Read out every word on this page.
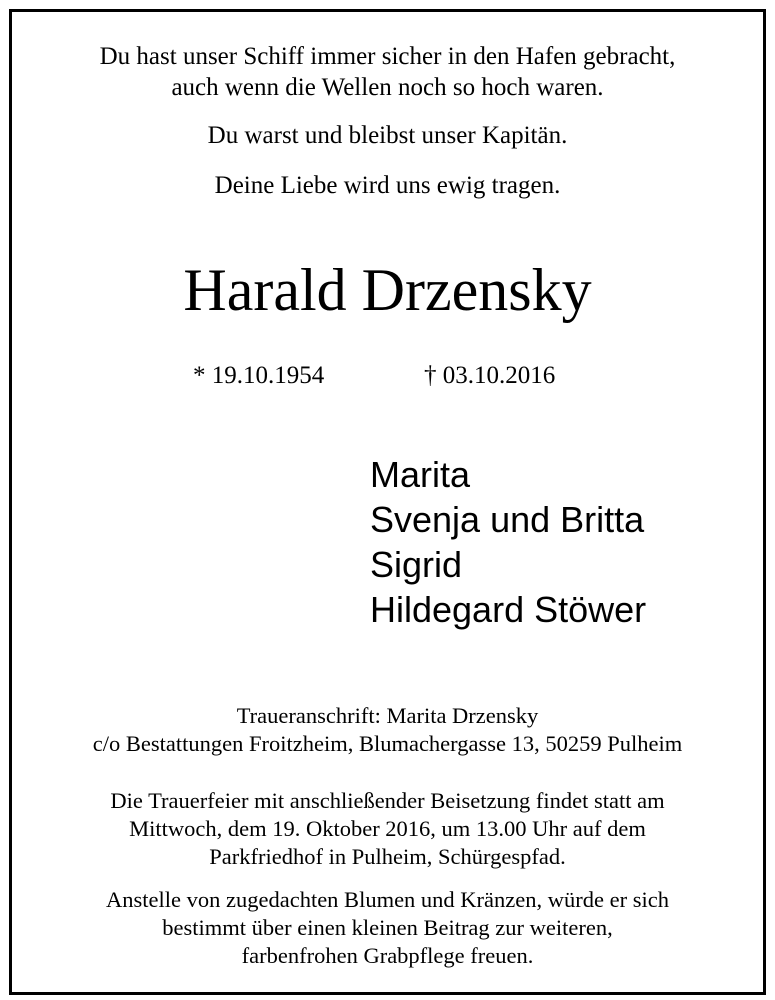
Du hast unser Schiff immer sicher in den Hafen gebracht,
auch wenn die Wellen noch so hoch waren.
Du warst und bleibst unser Kapitän.
Deine Liebe wird uns ewig tragen.
Harald Drzensky
* 19.10.1954	† 03.10.2016
Marita
Svenja und Britta
Sigrid
Hildegard Stöwer
Traueranschrift: Marita Drzensky
c/o Bestattungen Froitzheim, Blumachergasse 13, 50259 Pulheim
Die Trauerfeier mit anschließender Beisetzung findet statt am
Mittwoch, dem 19. Oktober 2016, um 13.00 Uhr auf dem
Parkfriedhof in Pulheim, Schürgespfad.
Anstelle von zugedachten Blumen und Kränzen, würde er sich
bestimmt über einen kleinen Beitrag zur weiteren,
farbenfrohen Grabpflege freuen.
